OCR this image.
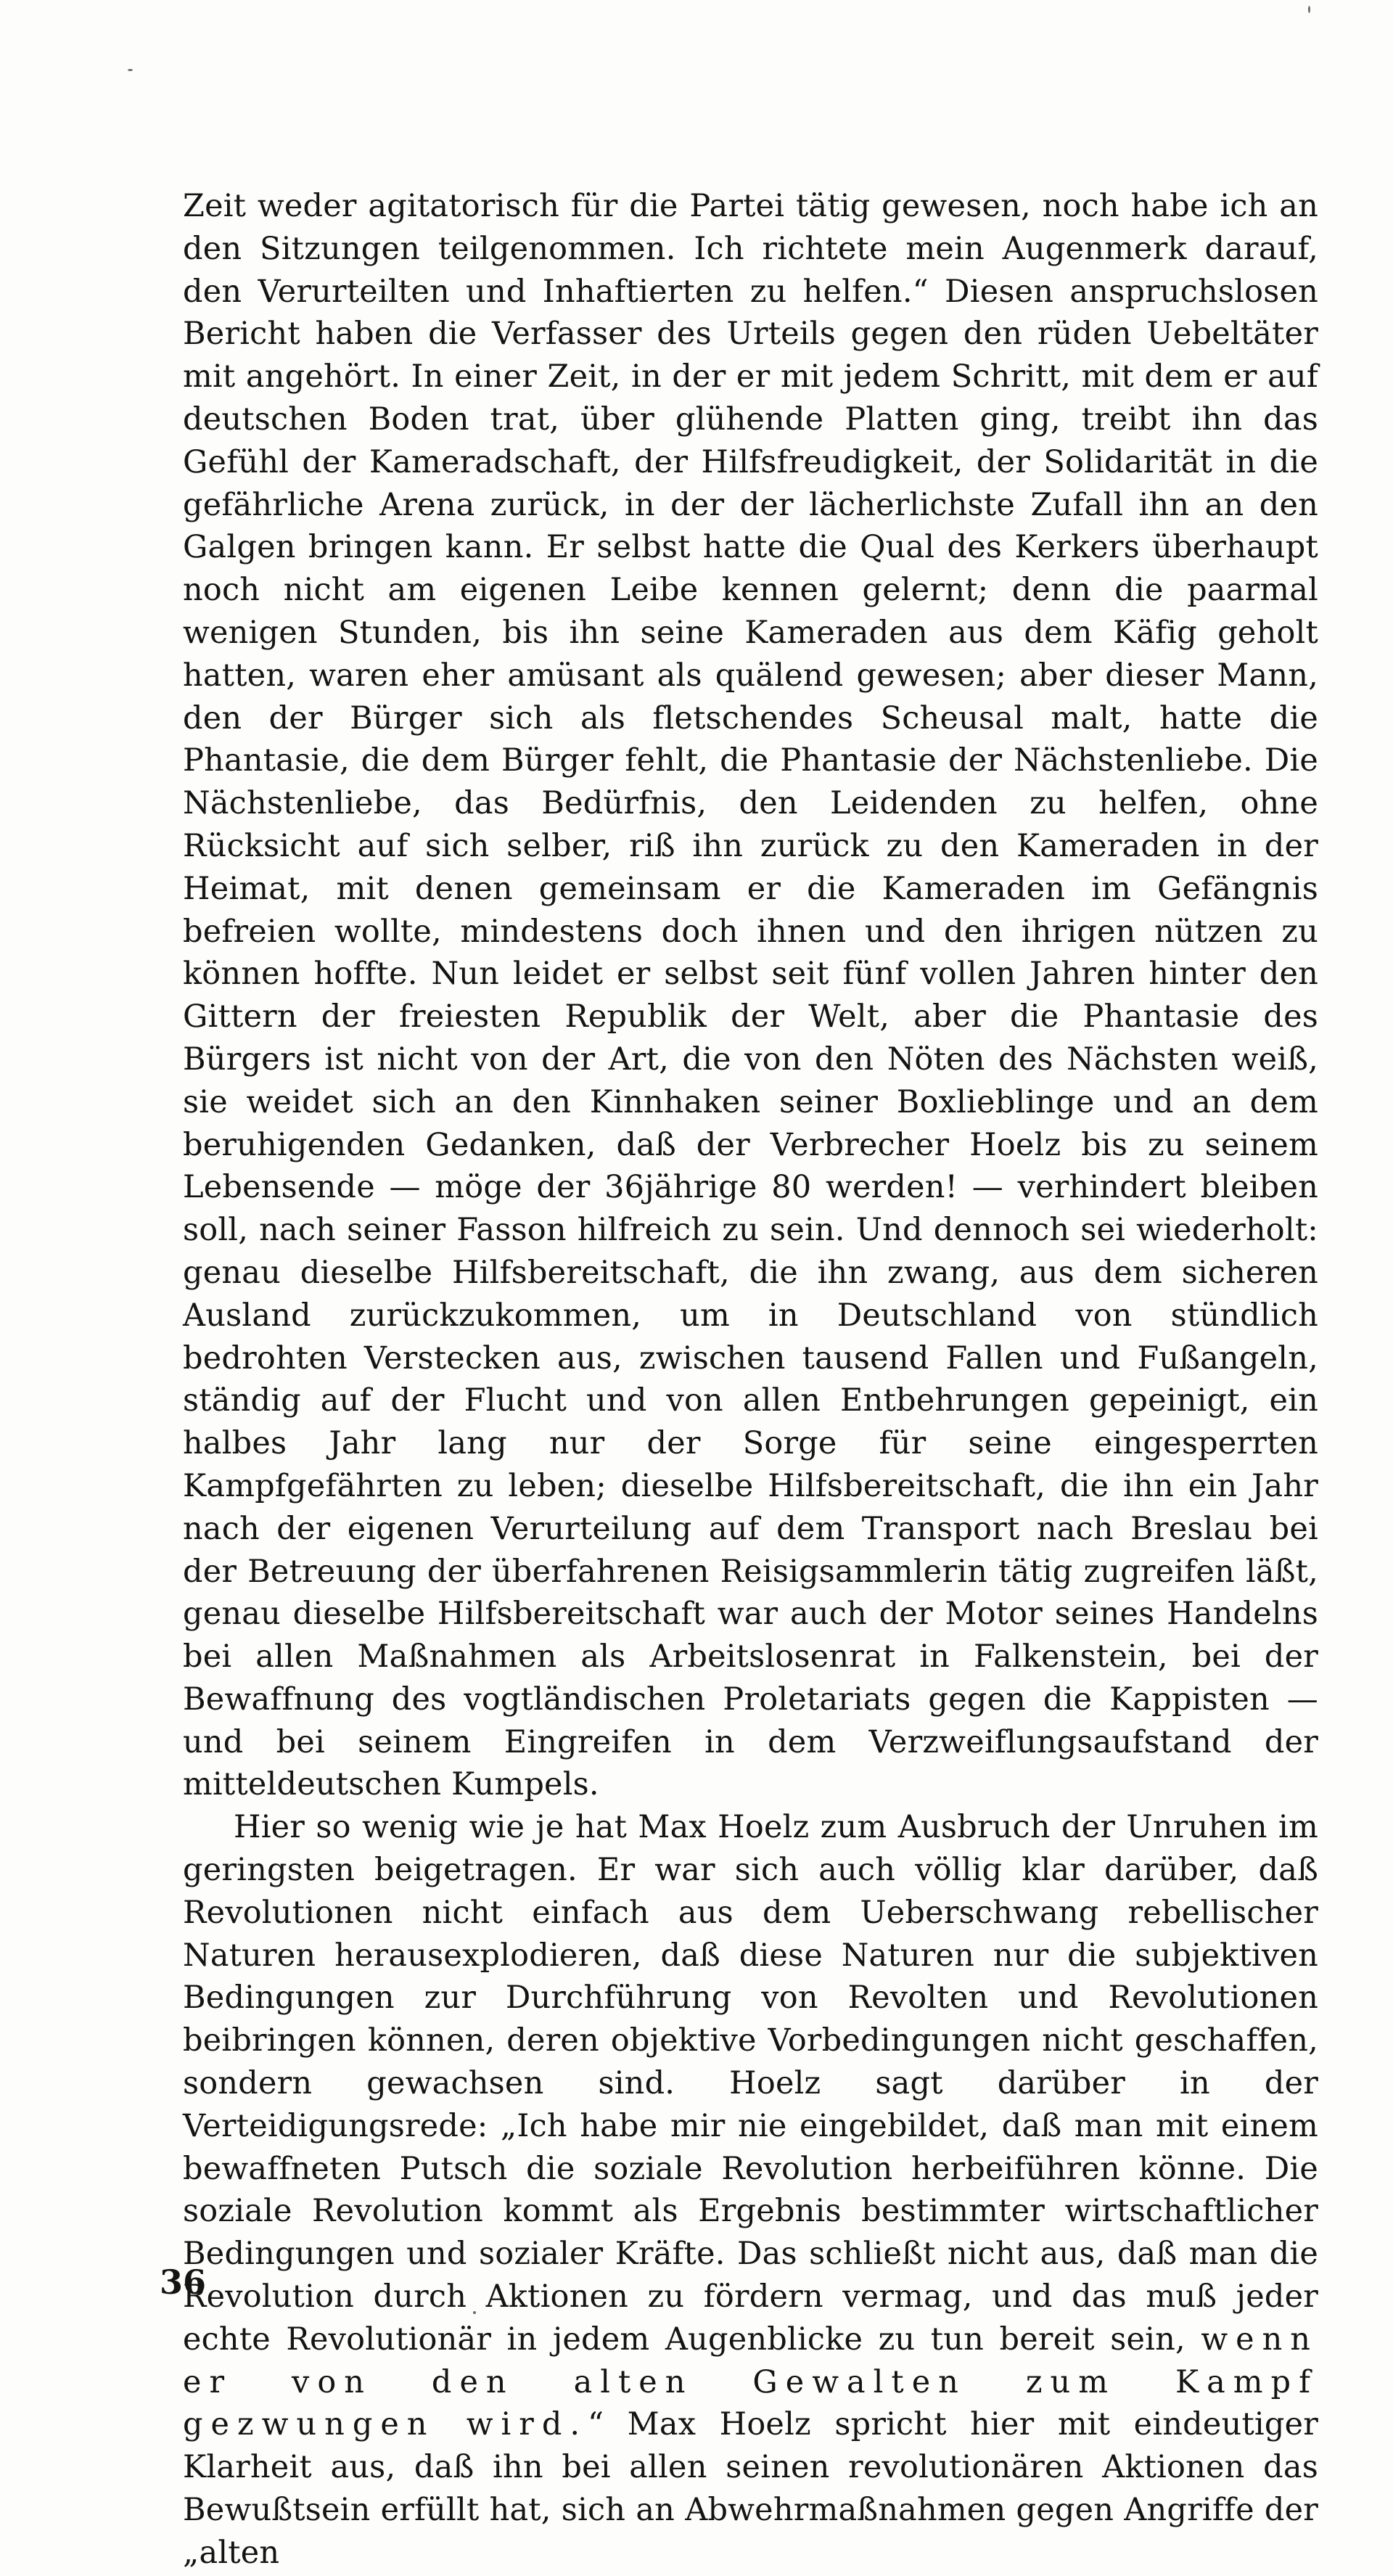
Zeit weder agitatorisch für die Partei tätig gewesen, noch habe ich an den Sitzungen teilgenommen. Ich richtete mein Augenmerk darauf, den Verurteilten und Inhaftierten zu helfen.“ Diesen anspruchslosen Bericht haben die Verfasser des Urteils gegen den rüden Uebeltäter mit angehört. In einer Zeit, in der er mit jedem Schritt, mit dem er auf deutschen Boden trat, über glühende Platten ging, treibt ihn das Gefühl der Kameradschaft, der Hilfsfreudigkeit, der Solidarität in die gefährliche Arena zurück, in der der lächerlichste Zufall ihn an den Galgen bringen kann. Er selbst hatte die Qual des Kerkers überhaupt noch nicht am eigenen Leibe kennen gelernt; denn die paarmal wenigen Stunden, bis ihn seine Kameraden aus dem Käfig geholt hatten, waren eher amüsant als quälend gewesen; aber dieser Mann, den der Bürger sich als fletschendes Scheusal malt, hatte die Phantasie, die dem Bürger fehlt, die Phantasie der Nächstenliebe. Die Nächstenliebe, das Bedürfnis, den Leidenden zu helfen, ohne Rücksicht auf sich selber, riß ihn zurück zu den Kameraden in der Heimat, mit denen gemeinsam er die Kameraden im Gefängnis befreien wollte, mindestens doch ihnen und den ihrigen nützen zu können hoffte. Nun leidet er selbst seit fünf vollen Jahren hinter den Gittern der freiesten Republik der Welt, aber die Phantasie des Bürgers ist nicht von der Art, die von den Nöten des Nächsten weiß, sie weidet sich an den Kinnhaken seiner Boxlieblinge und an dem beruhigenden Gedanken, daß der Verbrecher Hoelz bis zu seinem Lebensende — möge der 36jährige 80 werden! — verhindert bleiben soll, nach seiner Fasson hilfreich zu sein. Und dennoch sei wiederholt: genau dieselbe Hilfsbereitschaft, die ihn zwang, aus dem sicheren Ausland zurückzukommen, um in Deutschland von stündlich bedrohten Verstecken aus, zwischen tausend Fallen und Fußangeln, ständig auf der Flucht und von allen Entbehrungen gepeinigt, ein halbes Jahr lang nur der Sorge für seine eingesperrten Kampfgefährten zu leben; dieselbe Hilfsbereitschaft, die ihn ein Jahr nach der eigenen Verurteilung auf dem Transport nach Breslau bei der Betreuung der überfahrenen Reisigsammlerin tätig zugreifen läßt, genau dieselbe Hilfsbereitschaft war auch der Motor seines Handelns bei allen Maßnahmen als Arbeitslosenrat in Falkenstein, bei der Bewaffnung des vogtländischen Proletariats gegen die Kappisten — und bei seinem Eingreifen in dem Verzweiflungsaufstand der mitteldeutschen Kumpels.

Hier so wenig wie je hat Max Hoelz zum Ausbruch der Unruhen im geringsten beigetragen. Er war sich auch völlig klar darüber, daß Revolutionen nicht einfach aus dem Ueberschwang rebellischer Naturen herausexplodieren, daß diese Naturen nur die subjektiven Bedingungen zur Durchführung von Revolten und Revolutionen beibringen können, deren objektive Vorbedingungen nicht geschaffen, sondern gewachsen sind. Hoelz sagt darüber in der Verteidigungsrede: „Ich habe mir nie eingebildet, daß man mit einem bewaffneten Putsch die soziale Revolution herbeiführen könne. Die soziale Revolution kommt als Ergebnis bestimmter wirtschaftlicher Bedingungen und sozialer Kräfte. Das schließt nicht aus, daß man die Revolution durch Aktionen zu fördern vermag, und das muß jeder echte Revolutionär in jedem Augenblicke zu tun bereit sein, wenn er von den alten Gewalten zum Kampf gezwungen wird.“ Max Hoelz spricht hier mit eindeutiger Klarheit aus, daß ihn bei allen seinen revolutionären Aktionen das Bewußtsein erfüllt hat, sich an Abwehrmaßnahmen gegen Angriffe der „alten

36
